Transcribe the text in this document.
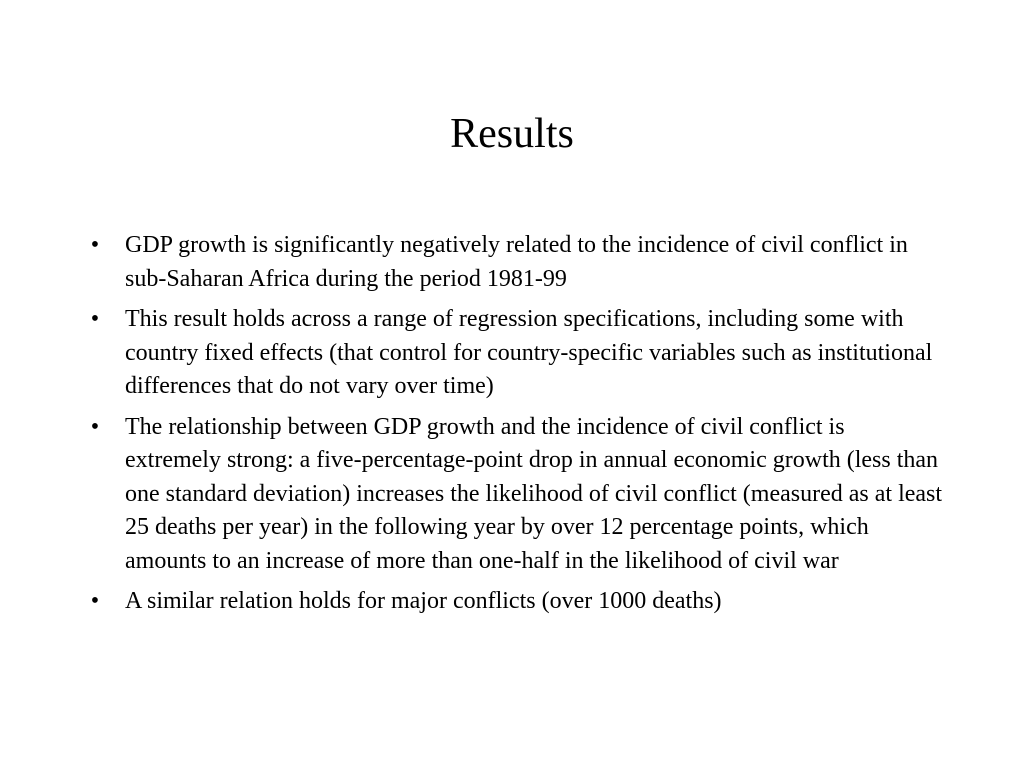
Results
• GDP growth is significantly negatively related to the incidence of civil conflict in sub-Saharan Africa during the period 1981-99
• This result holds across a range of regression specifications, including some with country fixed effects (that control for country-specific variables such as institutional differences that do not vary over time)
• The relationship between GDP growth and the incidence of civil conflict is extremely strong: a five-percentage-point drop in annual economic growth (less than one standard deviation) increases the likelihood of civil conflict (measured as at least 25 deaths per year) in the following year by over 12 percentage points, which amounts to an increase of more than one-half in the likelihood of civil war
• A similar relation holds for major conflicts (over 1000 deaths)
